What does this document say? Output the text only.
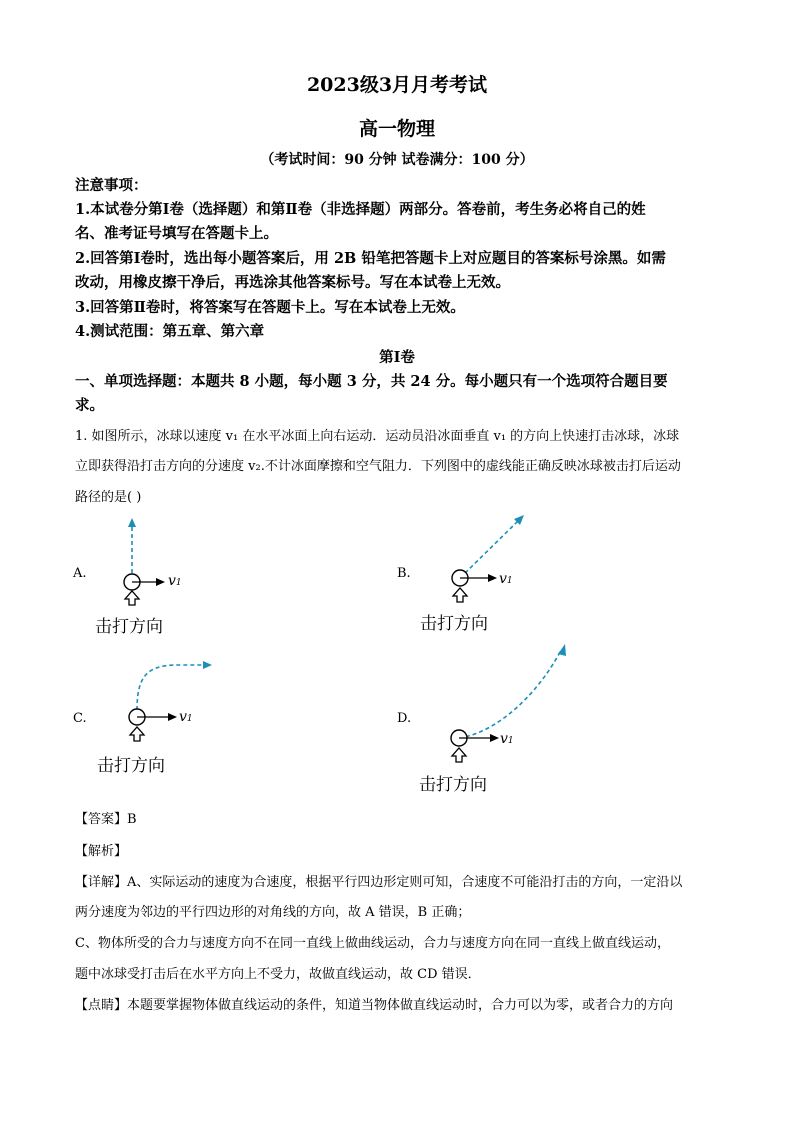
2023级3月月考考试
高一物理
（考试时间：90 分钟 试卷满分：100 分）
注意事项：
1.本试卷分第Ⅰ卷（选择题）和第Ⅱ卷（非选择题）两部分。答卷前，考生务必将自己的姓
名、准考证号填写在答题卡上。
2.回答第Ⅰ卷时，选出每小题答案后，用 2B 铅笔把答题卡上对应题目的答案标号涂黑。如需
改动，用橡皮擦干净后，再选涂其他答案标号。写在本试卷上无效。
3.回答第Ⅱ卷时，将答案写在答题卡上。写在本试卷上无效。
4.测试范围：第五章、第六章
第Ⅰ卷
一、单项选择题：本题共 8 小题，每小题 3 分，共 24 分。每小题只有一个选项符合题目要
求。
1. 如图所示，冰球以速度 v₁ 在水平冰面上向右运动．运动员沿冰面垂直 v₁ 的方向上快速打击冰球，冰球
立即获得沿打击方向的分速度 v₂.不计冰面摩擦和空气阻力．下列图中的虚线能正确反映冰球被击打后运动
路径的是( )
A.	v1
击打方向
B.	v1
击打方向
C.	v1
击打方向
D.
v1
击打方向
【答案】B
【解析】
【详解】A、实际运动的速度为合速度，根据平行四边形定则可知，合速度不可能沿打击的方向，一定沿以
两分速度为邻边的平行四边形的对角线的方向，故 A 错误，B 正确；
C、物体所受的合力与速度方向不在同一直线上做曲线运动，合力与速度方向在同一直线上做直线运动，
题中冰球受打击后在水平方向上不受力，故做直线运动，故 CD 错误．
【点睛】本题要掌握物体做直线运动的条件，知道当物体做直线运动时，合力可以为零，或者合力的方向
